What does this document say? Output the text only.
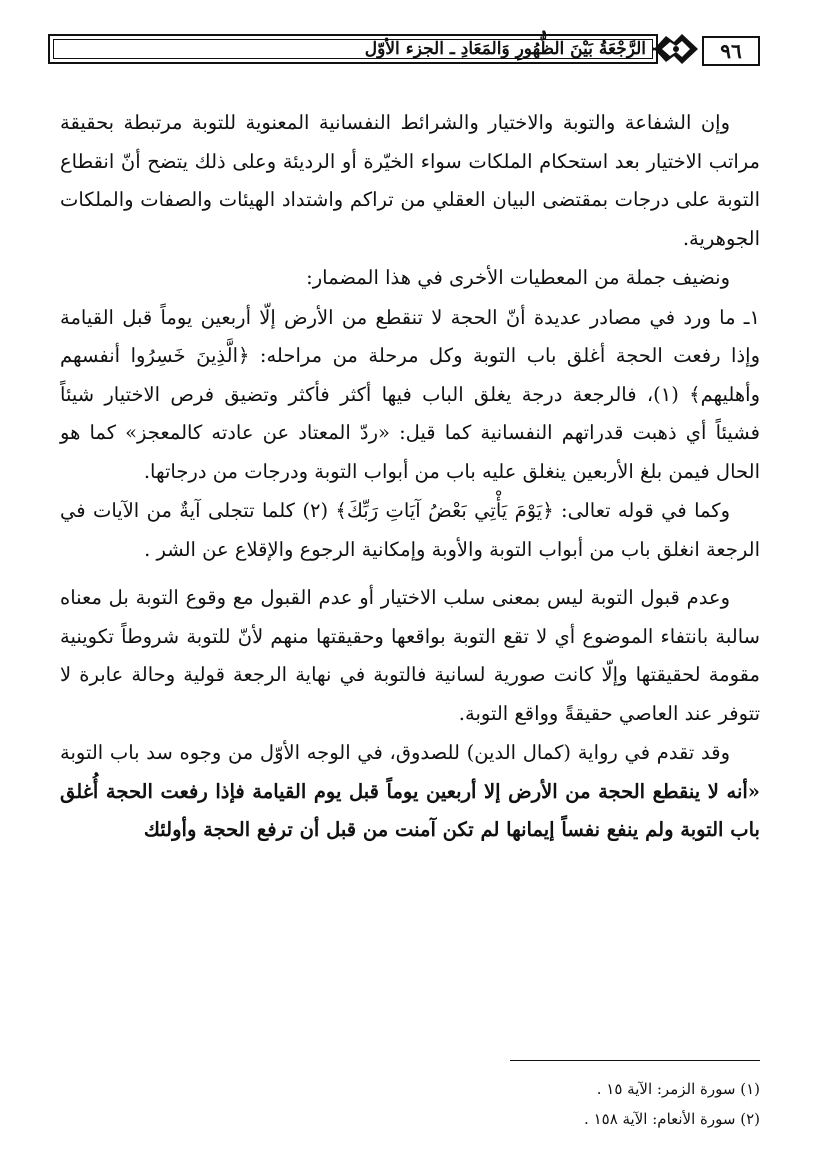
الرَّجْعَةُ بَيْنَ الظُّهُورِ وَالمَعَادِ ـ الجزء الأوّل	٩٦

وإن الشفاعة والتوبة والاختيار والشرائط النفسانية المعنوية للتوبة مرتبطة بحقيقة مراتب الاختيار بعد استحكام الملكات سواء الخيّرة أو الرديئة وعلى ذلك يتضح أنّ انقطاع التوبة على درجات بمقتضى البيان العقلي من تراكم واشتداد الهيئات والصفات والملكات الجوهرية.

ونضيف جملة من المعطيات الأخرى في هذا المضمار:

١ـ ما ورد في مصادر عديدة أنّ الحجة لا تنقطع من الأرض إلّا أربعين يوماً قبل القيامة وإذا رفعت الحجة أغلق باب التوبة وكل مرحلة من مراحله: ﴿الَّذِينَ خَسِرُوا أنفسهم وأهليهم﴾ (١)، فالرجعة درجة يغلق الباب فيها أكثر فأكثر وتضيق فرص الاختيار شيئاً فشيئاً أي ذهبت قدراتهم النفسانية كما قيل: «ردّ المعتاد عن عادته كالمعجز» كما هو الحال فيمن بلغ الأربعين ينغلق عليه باب من أبواب التوبة ودرجات من درجاتها.

وكما في قوله تعالى: ﴿يَوْمَ يَأْتِي بَعْضُ آيَاتِ رَبِّكَ﴾ (٢) كلما تتجلى آيةٌ من الآيات في الرجعة انغلق باب من أبواب التوبة والأوبة وإمكانية الرجوع والإقلاع عن الشر .

وعدم قبول التوبة ليس بمعنى سلب الاختيار أو عدم القبول مع وقوع التوبة بل معناه سالبة بانتفاء الموضوع أي لا تقع التوبة بواقعها وحقيقتها منهم لأنّ للتوبة شروطاً تكوينية مقومة لحقيقتها وإلّا كانت صورية لسانية فالتوبة في نهاية الرجعة قولية وحالة عابرة لا تتوفر عند العاصي حقيقةً وواقع التوبة.

وقد تقدم في رواية (كمال الدين) للصدوق، في الوجه الأوّل من وجوه سد باب التوبة «أنه لا ينقطع الحجة من الأرض إلا أربعين يوماً قبل يوم القيامة فإذا رفعت الحجة أُغلق باب التوبة ولم ينفع نفساً إيمانها لم تكن آمنت من قبل أن ترفع الحجة وأولئك

(١) سورة الزمر: الآية ١٥ .

(٢) سورة الأنعام: الآية ١٥٨ .
